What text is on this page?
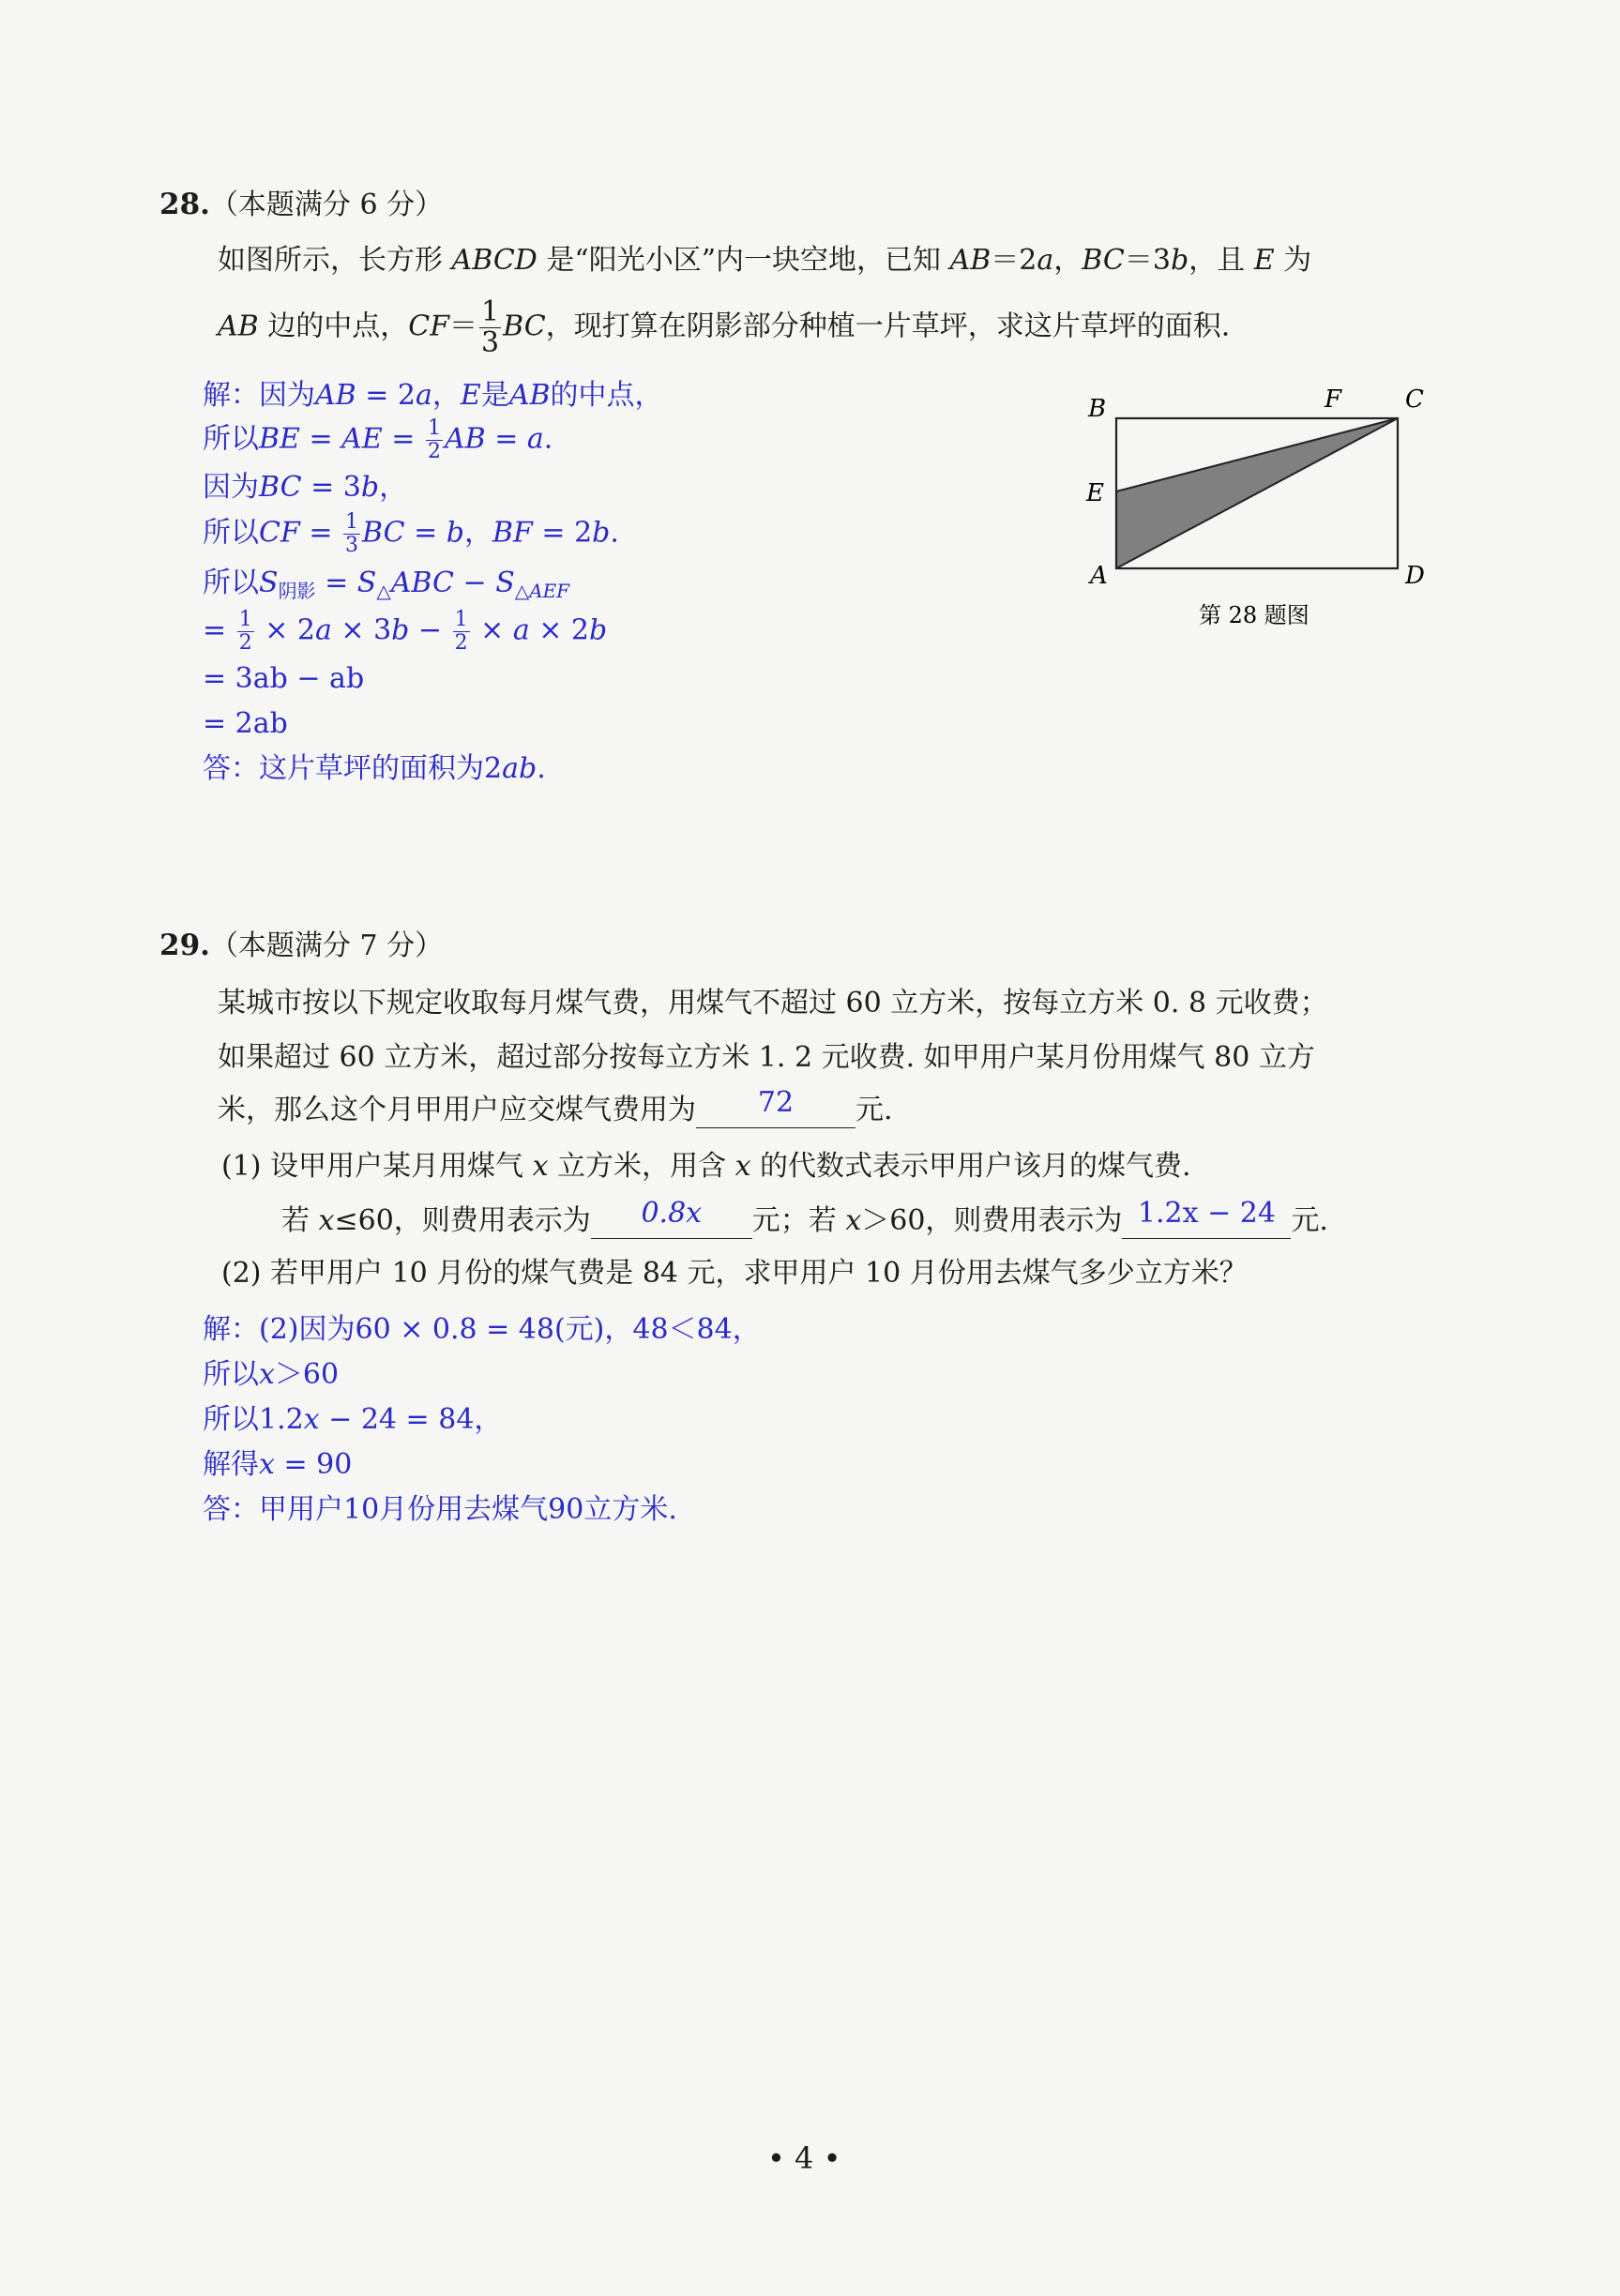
28.（本题满分 6 分）
如图所示，长方形 ABCD 是“阳光小区”内一块空地，已知 AB＝2a，BC＝3b，且 E 为
AB 边的中点，$CF= \frac{1}{3}$ BC，现打算在阴影部分种植一片草坪，求这片草坪的面积.
解：因为AB = 2a，E是AB的中点，
所以BE = AE = $\frac{1}{2}$ AB = a.
因为BC = 3b，
所以CF = $\frac{1}{3}$ BC = b，BF = 2b.
所以$S_{阴影} = S_\triangle ABC - S_{\triangle AEF}$
= $\frac{1}{2} \times 2a \times 3b - \frac{1}{2} \times a \times 2b$
= 3ab − ab
= 2ab
答：这片草坪的面积为2ab.
B	F	C
E
A	D
第 28 题图
29.（本题满分 7 分）
某城市按以下规定收取每月煤气费，用煤气不超过 60 立方米，按每立方米 0. 8 元收费；
如果超过 60 立方米，超过部分按每立方米 1. 2 元收费. 如甲用户某月份用煤气 80 立方
米，那么这个月甲用户应交煤气费用为 72 元.
(1) 设甲用户某月用煤气 x 立方米，用含 x 的代数式表示甲用户该月的煤气费.
若 x≤60，则费用表示为 0.8x 元；若 x＞60，则费用表示为 1.2x − 24 元.
(2) 若甲用户 10 月份的煤气费是 84 元，求甲用户 10 月份用去煤气多少立方米？
解：(2)因为60 × 0.8 = 48(元)，48＜84，
所以x＞60
所以1.2x − 24 = 84，
解得x = 90
答：甲用户10月份用去煤气90立方米.
• 4 •
